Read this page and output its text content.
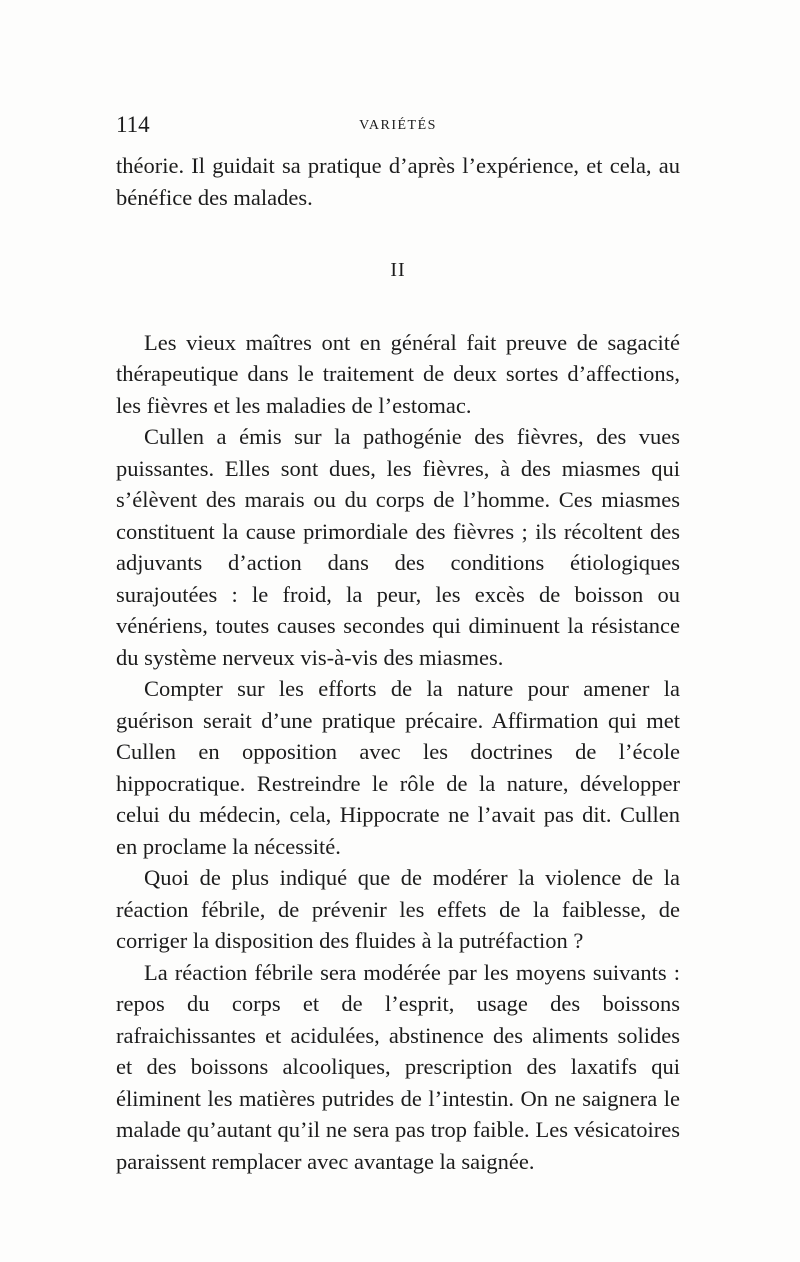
114	VARIÉTÉS

théorie. Il guidait sa pratique d’après l’expérience, et cela, au bénéfice des malades.

II

Les vieux maîtres ont en général fait preuve de sagacité thérapeutique dans le traitement de deux sortes d’affections, les fièvres et les maladies de l’estomac.

Cullen a émis sur la pathogénie des fièvres, des vues puissantes. Elles sont dues, les fièvres, à des miasmes qui s’élèvent des marais ou du corps de l’homme. Ces miasmes constituent la cause primordiale des fièvres ; ils récoltent des adjuvants d’action dans des conditions étiologiques surajoutées : le froid, la peur, les excès de boisson ou vénériens, toutes causes secondes qui diminuent la résistance du système nerveux vis-à-vis des miasmes.

Compter sur les efforts de la nature pour amener la guérison serait d’une pratique précaire. Affirmation qui met Cullen en opposition avec les doctrines de l’école hippocratique. Restreindre le rôle de la nature, développer celui du médecin, cela, Hippocrate ne l’avait pas dit. Cullen en proclame la nécessité.

Quoi de plus indiqué que de modérer la violence de la réaction fébrile, de prévenir les effets de la faiblesse, de corriger la disposition des fluides à la putréfaction ?

La réaction fébrile sera modérée par les moyens suivants : repos du corps et de l’esprit, usage des boissons rafraichissantes et acidulées, abstinence des aliments solides et des boissons alcooliques, prescription des laxatifs qui éliminent les matières putrides de l’intestin. On ne saignera le malade qu’autant qu’il ne sera pas trop faible. Les vésicatoires paraissent remplacer avec avantage la saignée.
